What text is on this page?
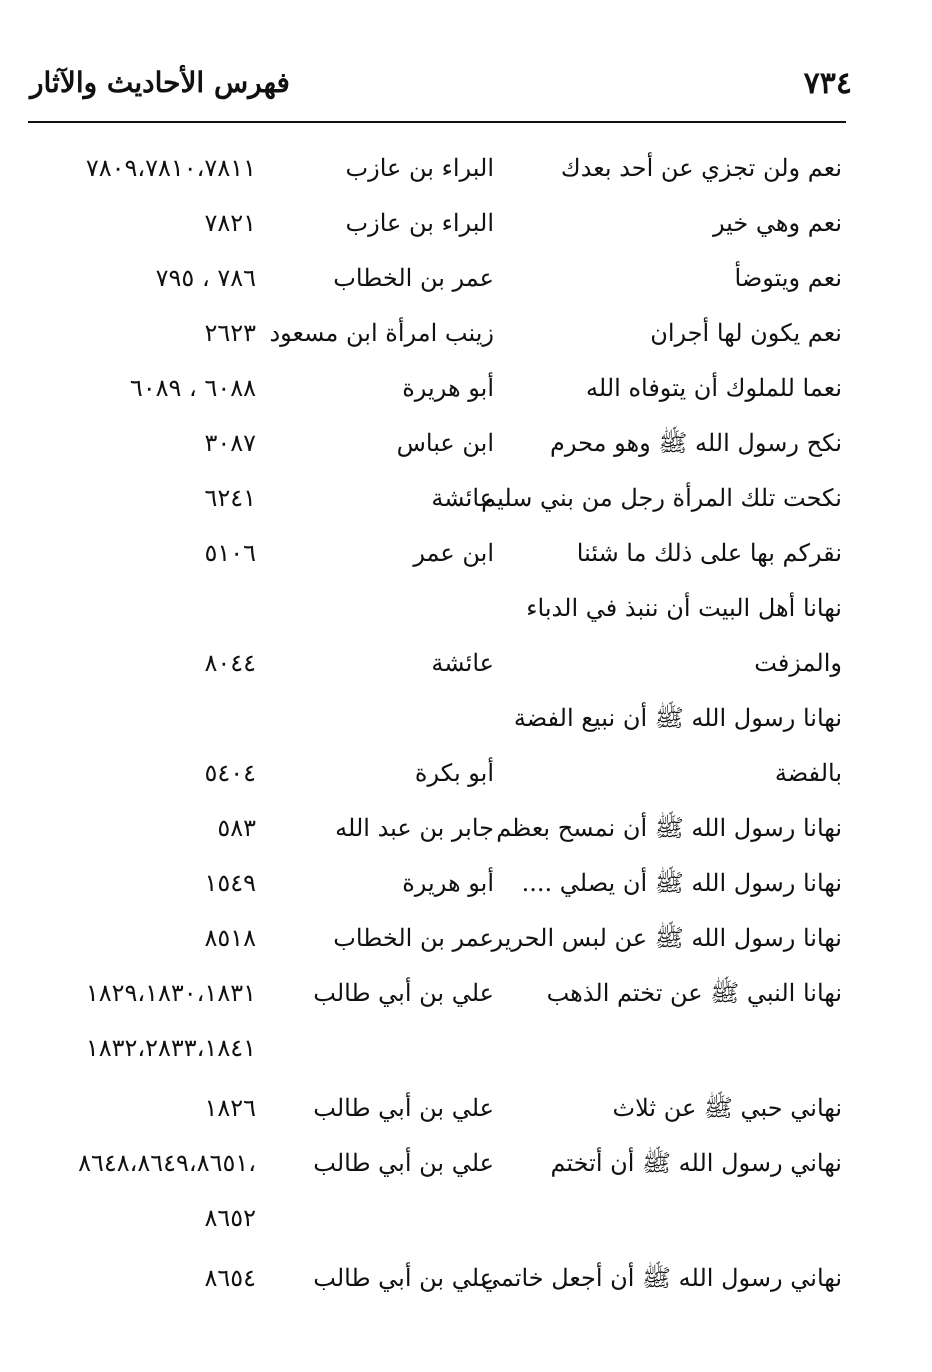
٧٣٤
فهرس الأحاديث والآثار
نعم ولن تجزي عن أحد بعدك
البراء بن عازب
٧٨٠٩،٧٨١٠،٧٨١١
نعم وهي خير
البراء بن عازب
٧٨٢١
نعم ويتوضأ
عمر بن الخطاب
٧٨٦ ، ٧٩٥
نعم يكون لها أجران
زينب امرأة ابن مسعود
٢٦٢٣
نعما للملوك أن يتوفاه الله
أبو هريرة
٦٠٨٨ ، ٦٠٨٩
نكح رسول الله ﷺ وهو محرم
ابن عباس
٣٠٨٧
نكحت تلك المرأة رجل من بني سليم
عائشة
٦٢٤١
نقركم بها على ذلك ما شئنا
ابن عمر
٥١٠٦
نهانا أهل البيت أن ننبذ في الدباء
والمزفت
عائشة
٨٠٤٤
نهانا رسول الله ﷺ أن نبيع الفضة
بالفضة
أبو بكرة
٥٤٠٤
نهانا رسول الله ﷺ أن نمسح بعظم
جابر بن عبد الله
٥٨٣
نهانا رسول الله ﷺ أن يصلي ....
أبو هريرة
١٥٤٩
نهانا رسول الله ﷺ عن لبس الحرير
عمر بن الخطاب
٨٥١٨
نهانا النبي ﷺ عن تختم الذهب
علي بن أبي طالب
١٨٢٩،١٨٣٠،١٨٣١
١٨٣٢،٢٨٣٣،١٨٤١
نهاني حبي ﷺ عن ثلاث
علي بن أبي طالب
١٨٢٦
نهاني رسول الله ﷺ أن أتختم
علي بن أبي طالب
٨٦٤٨،٨٦٤٩،٨٦٥١،
٨٦٥٢
نهاني رسول الله ﷺ أن أجعل خاتمي
علي بن أبي طالب
٨٦٥٤
